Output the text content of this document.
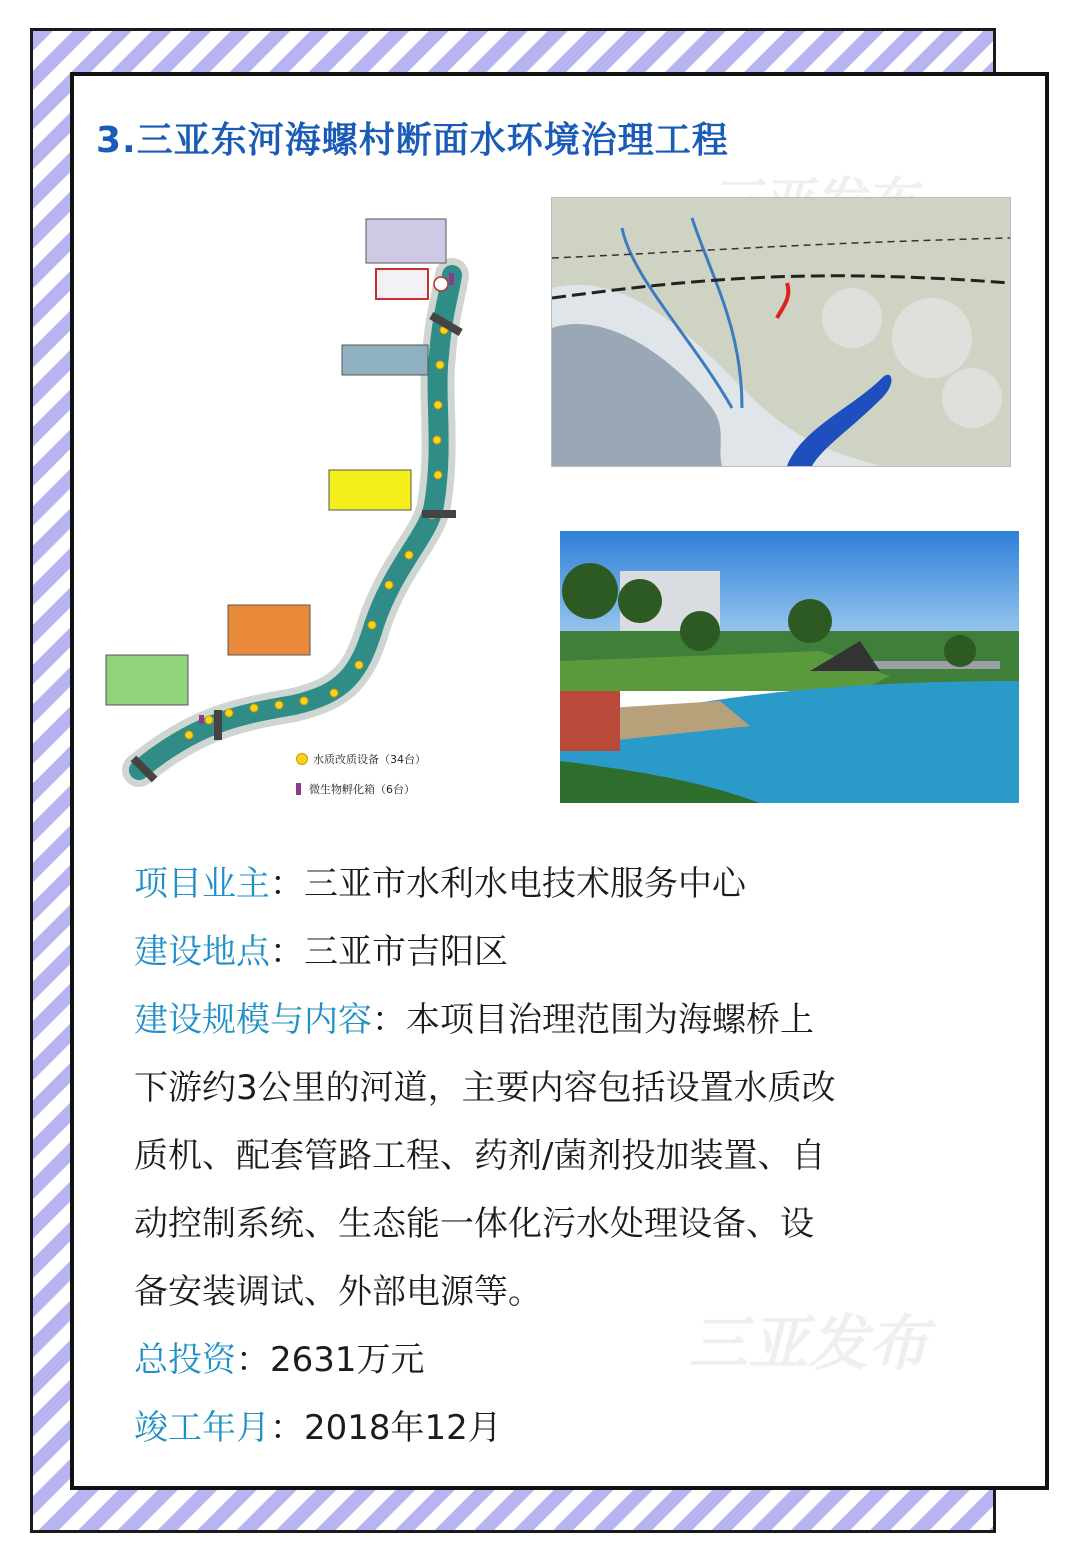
3.三亚东河海螺村断面水环境治理工程
水质改质设备（34台）
微生物孵化箱（6台）

项目业主：三亚市水利水电技术服务中心

建设地点：三亚市吉阳区

建设规模与内容：本项目治理范围为海螺桥上

下游约3公里的河道，主要内容包括设置水质改

质机、配套管路工程、药剂/菌剂投加装置、自

动控制系统、生态能一体化污水处理设备、设

备安装调试、外部电源等。

总投资：2631万元

竣工年月：2018年12月

三亚发布
